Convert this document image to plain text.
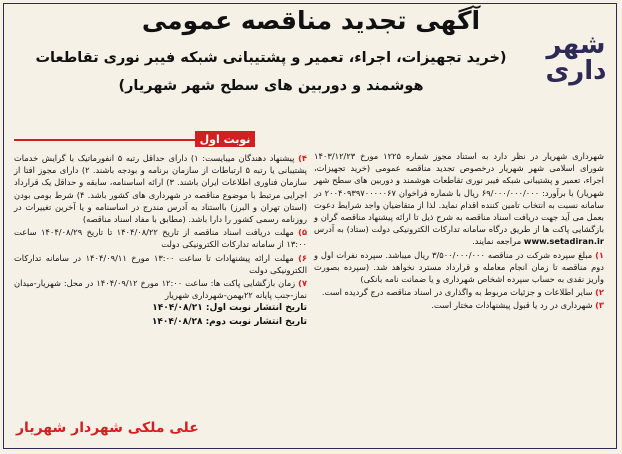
شهر
داری
آگهی تجدید مناقصه عمومی
(خرید تجهیزات، اجراء، تعمیر و پشتیبانی شبکه فیبر نوری تقاطعات هوشمند و دوربین های سطح شهر شهریار)
نوبت اول

شهرداری شهریار در نظر دارد به استناد مجوز شماره ۱۲۲۵ مورخ ۱۴۰۳/۱۲/۲۳ شورای اسلامی شهر شهریار درخصوص تجدید مناقصه عمومی (خرید تجهیزات، اجراء، تعمیر و پشتیبانی شبکه فیبر نوری تقاطعات هوشمند و دوربین های سطح شهر شهریار) با برآورد: ۶۹/۰۰۰/۰۰۰/۰۰۰ ریال با شماره فراخوان ۲۰۰۴۰۹۳۹۷۰۰۰۰۰۶۷ در سامانه نسبت به انتخاب تامین کننده اقدام نماید. لذا از متقاضیان واجد شرایط دعوت بعمل می آید جهت دریافت اسناد مناقصه به شرح ذیل تا ارائه پیشنهاد مناقصه گران و بازگشایی پاکت ها از طریق درگاه سامانه تدارکات الکترونیکی دولت (ستاد) به آدرس www.setadiran.ir مراجعه نمایند.

۱) مبلغ سپرده شرکت در مناقصه ۳/۵۰۰/۰۰۰/۰۰۰ ریال میباشد. سپرده نفرات اول و دوم مناقصه تا زمان انجام معامله و قرارداد مسترد نخواهد شد. (سپرده بصورت واریز نقدی به حساب سپرده اشخاص شهرداری و یا ضمانت نامه بانکی)

۲) سایر اطلاعات و جزئیات مربوط به واگذاری در اسناد مناقصه درج گردیده است.

۳) شهرداری در رد یا قبول پیشنهادات مختار است.

۴) پیشنهاد دهندگان میبایست: ۱) دارای حداقل رتبه ۵ انفورماتیک با گرایش خدمات پشتیبانی یا رتبه ۵ ارتباطات از سازمان برنامه و بودجه باشند. ۲) دارای مجوز افتا از سازمان فناوری اطلاعات ایران باشند. ۳) ارائه اساسنامه، سابقه و حداقل یک قرارداد اجرایی مرتبط با موضوع مناقصه در شهرداری های کشور باشد. ۴) شرط بومی بودن (استان تهران و البرز) بااستناد به آدرس مندرج در اساسنامه و یا آخرین تغییرات در روزنامه رسمی کشور را دارا باشد. (مطابق با مفاد اسناد مناقصه)

۵) مهلت دریافت اسناد مناقصه از تاریخ ۱۴۰۴/۰۸/۲۲ تا تاریخ ۱۴۰۴/۰۸/۲۹ ساعت ۱۳:۰۰ از سامانه تدارکات الکترونیکی دولت

۶) مهلت ارائه پیشنهادات تا ساعت ۱۳:۰۰ مورخ ۱۴۰۴/۰۹/۱۱ در سامانه تدارکات الکترونیکی دولت

۷) زمان بازگشایی پاکت ها: ساعت ۱۲:۰۰ مورخ ۱۴۰۴/۰۹/۱۲ در محل: شهریار-میدان نماز-جنب پایانه ۲۲بهمن-شهرداری شهریار

تاریخ انتشار نوبت اول: ۱۴۰۴/۰۸/۲۱
تاریخ انتشار نوبت دوم: ۱۴۰۴/۰۸/۲۸
علی ملکی شهردار شهریار
